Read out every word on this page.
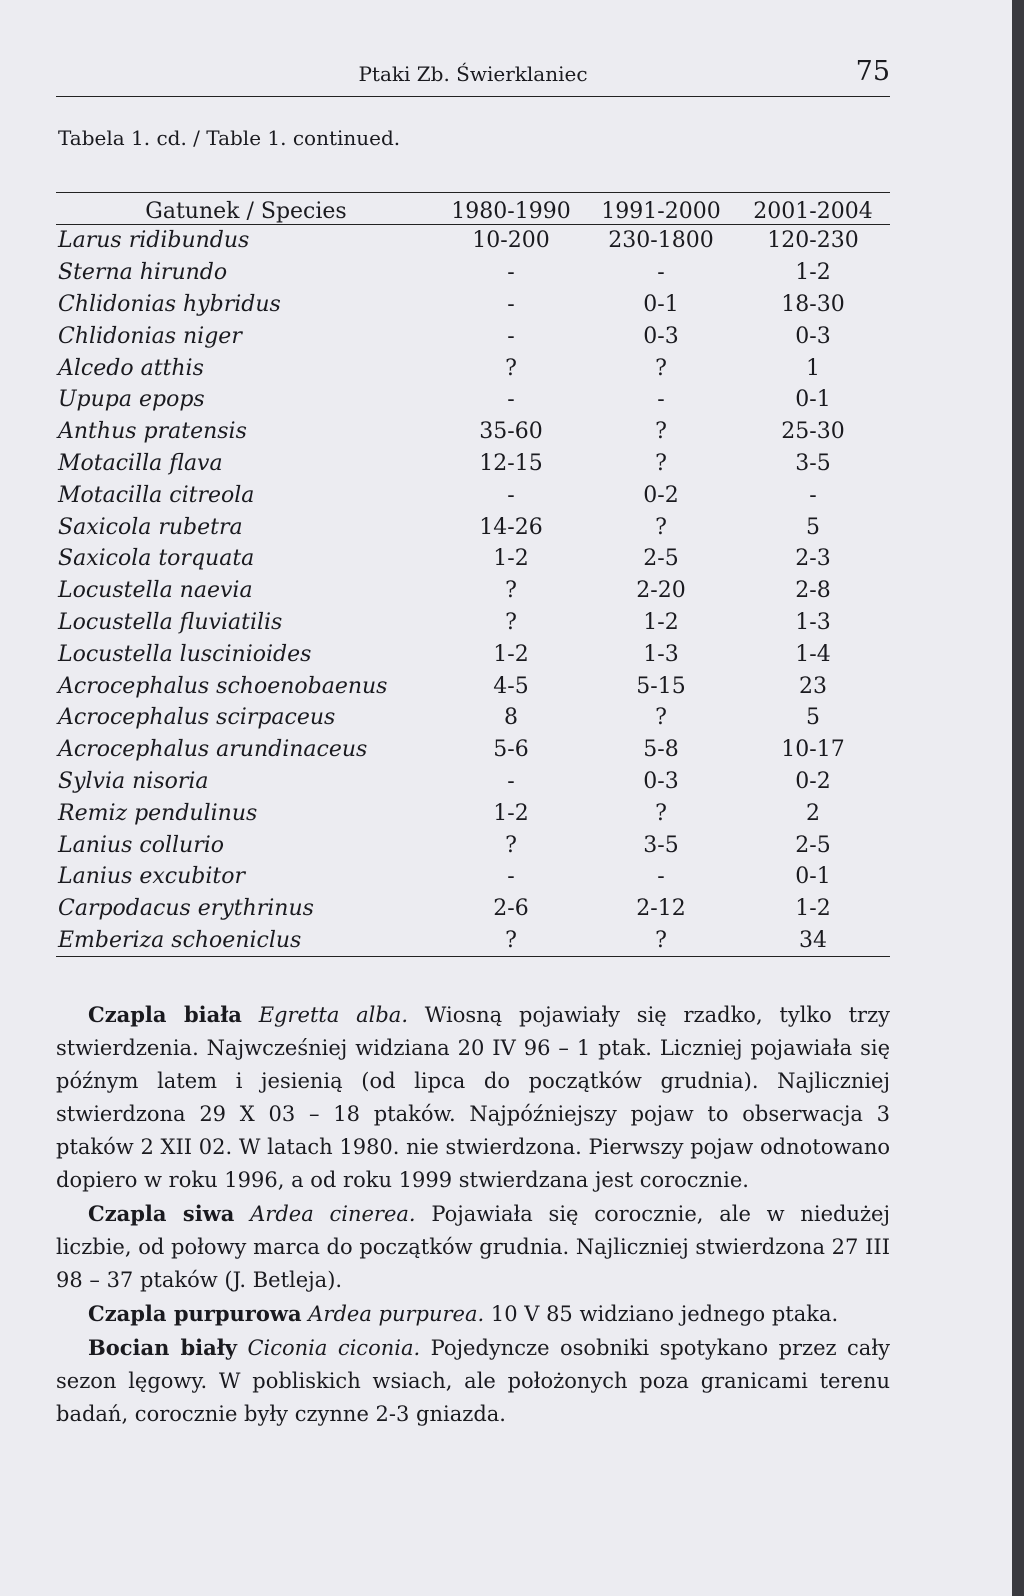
Ptaki Zb. Świerklaniec	75
Tabela 1. cd. / Table 1. continued.
Gatunek / Species	1980-1990	1991-2000	2001-2004
Larus ridibundus	10-200	230-1800	120-230
Sterna hirundo	-	-	1-2
Chlidonias hybridus	-	0-1	18-30
Chlidonias niger	-	0-3	0-3
Alcedo atthis	?	?	1
Upupa epops	-	-	0-1
Anthus pratensis	35-60	?	25-30
Motacilla flava	12-15	?	3-5
Motacilla citreola	-	0-2	-
Saxicola rubetra	14-26	?	5
Saxicola torquata	1-2	2-5	2-3
Locustella naevia	?	2-20	2-8
Locustella fluviatilis	?	1-2	1-3
Locustella luscinioides	1-2	1-3	1-4
Acrocephalus schoenobaenus	4-5	5-15	23
Acrocephalus scirpaceus	8	?	5
Acrocephalus arundinaceus	5-6	5-8	10-17
Sylvia nisoria	-	0-3	0-2
Remiz pendulinus	1-2	?	2
Lanius collurio	?	3-5	2-5
Lanius excubitor	-	-	0-1
Carpodacus erythrinus	2-6	2-12	1-2
Emberiza schoeniclus	?	?	34

Czapla biała Egretta alba. Wiosną pojawiały się rzadko, tylko trzy stwierdzenia. Najwcześniej widziana 20 IV 96 – 1 ptak. Liczniej pojawiała się późnym latem i jesienią (od lipca do początków grudnia). Najliczniej stwierdzona 29 X 03 – 18 ptaków. Najpóźniejszy pojaw to obserwacja 3 ptaków 2 XII 02. W latach 1980. nie stwierdzona. Pierwszy pojaw odnotowano dopiero w roku 1996, a od roku 1999 stwierdzana jest corocznie.

Czapla siwa Ardea cinerea. Pojawiała się corocznie, ale w niedużej liczbie, od połowy marca do początków grudnia. Najliczniej stwierdzona 27 III 98 – 37 ptaków (J. Betleja).

Czapla purpurowa Ardea purpurea. 10 V 85 widziano jednego ptaka.

Bocian biały Ciconia ciconia. Pojedyncze osobniki spotykano przez cały sezon lęgowy. W pobliskich wsiach, ale położonych poza granicami terenu badań, corocznie były czynne 2-3 gniazda.
